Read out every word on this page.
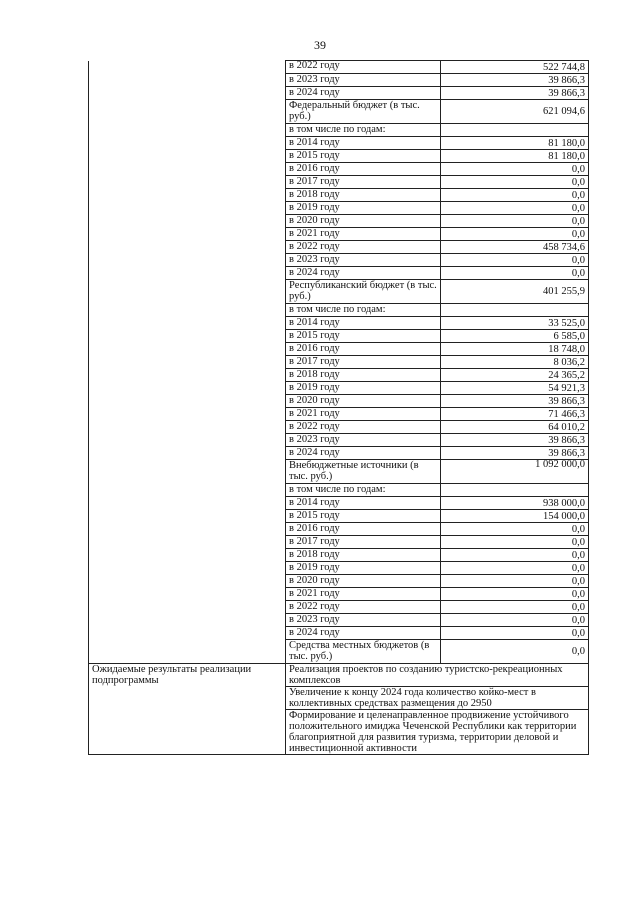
39
	в 2022 году	522 744,8
	в 2023 году	39 866,3
	в 2024 году	39 866,3
	Федеральный бюджет (в тыс. руб.)	621 094,6
	в том числе по годам:	
	в 2014 году	81 180,0
	в 2015 году	81 180,0
	в 2016 году	0,0
	в 2017 году	0,0
	в 2018 году	0,0
	в 2019 году	0,0
	в 2020 году	0,0
	в 2021 году	0,0
	в 2022 году	458 734,6
	в 2023 году	0,0
	в 2024 году	0,0
	Республиканский бюджет (в тыс. руб.)	401 255,9
	в том числе по годам:	
	в 2014 году	33 525,0
	в 2015 году	6 585,0
	в 2016 году	18 748,0
	в 2017 году	8 036,2
	в 2018 году	24 365,2
	в 2019 году	54 921,3
	в 2020 году	39 866,3
	в 2021 году	71 466,3
	в 2022 году	64 010,2
	в 2023 году	39 866,3
	в 2024 году	39 866,3
	Внебюджетные источники (в тыс. руб.)	1 092 000,0
	в том числе по годам:	
	в 2014 году	938 000,0
	в 2015 году	154 000,0
	в 2016 году	0,0
	в 2017 году	0,0
	в 2018 году	0,0
	в 2019 году	0,0
	в 2020 году	0,0
	в 2021 году	0,0
	в 2022 году	0,0
	в 2023 году	0,0
	в 2024 году	0,0
	Средства местных бюджетов (в тыс. руб.)	0,0
Ожидаемые результаты реализации подпрограммы	Реализация проектов по созданию туристско-рекреационных комплексов	
	Увеличение к концу 2024 года количество койко-мест в коллективных средствах размещения до 2950	
	Формирование и целенаправленное продвижение устойчивого положительного имиджа Чеченской Республики как территории благоприятной для развития туризма, территории деловой и инвестиционной активности	
